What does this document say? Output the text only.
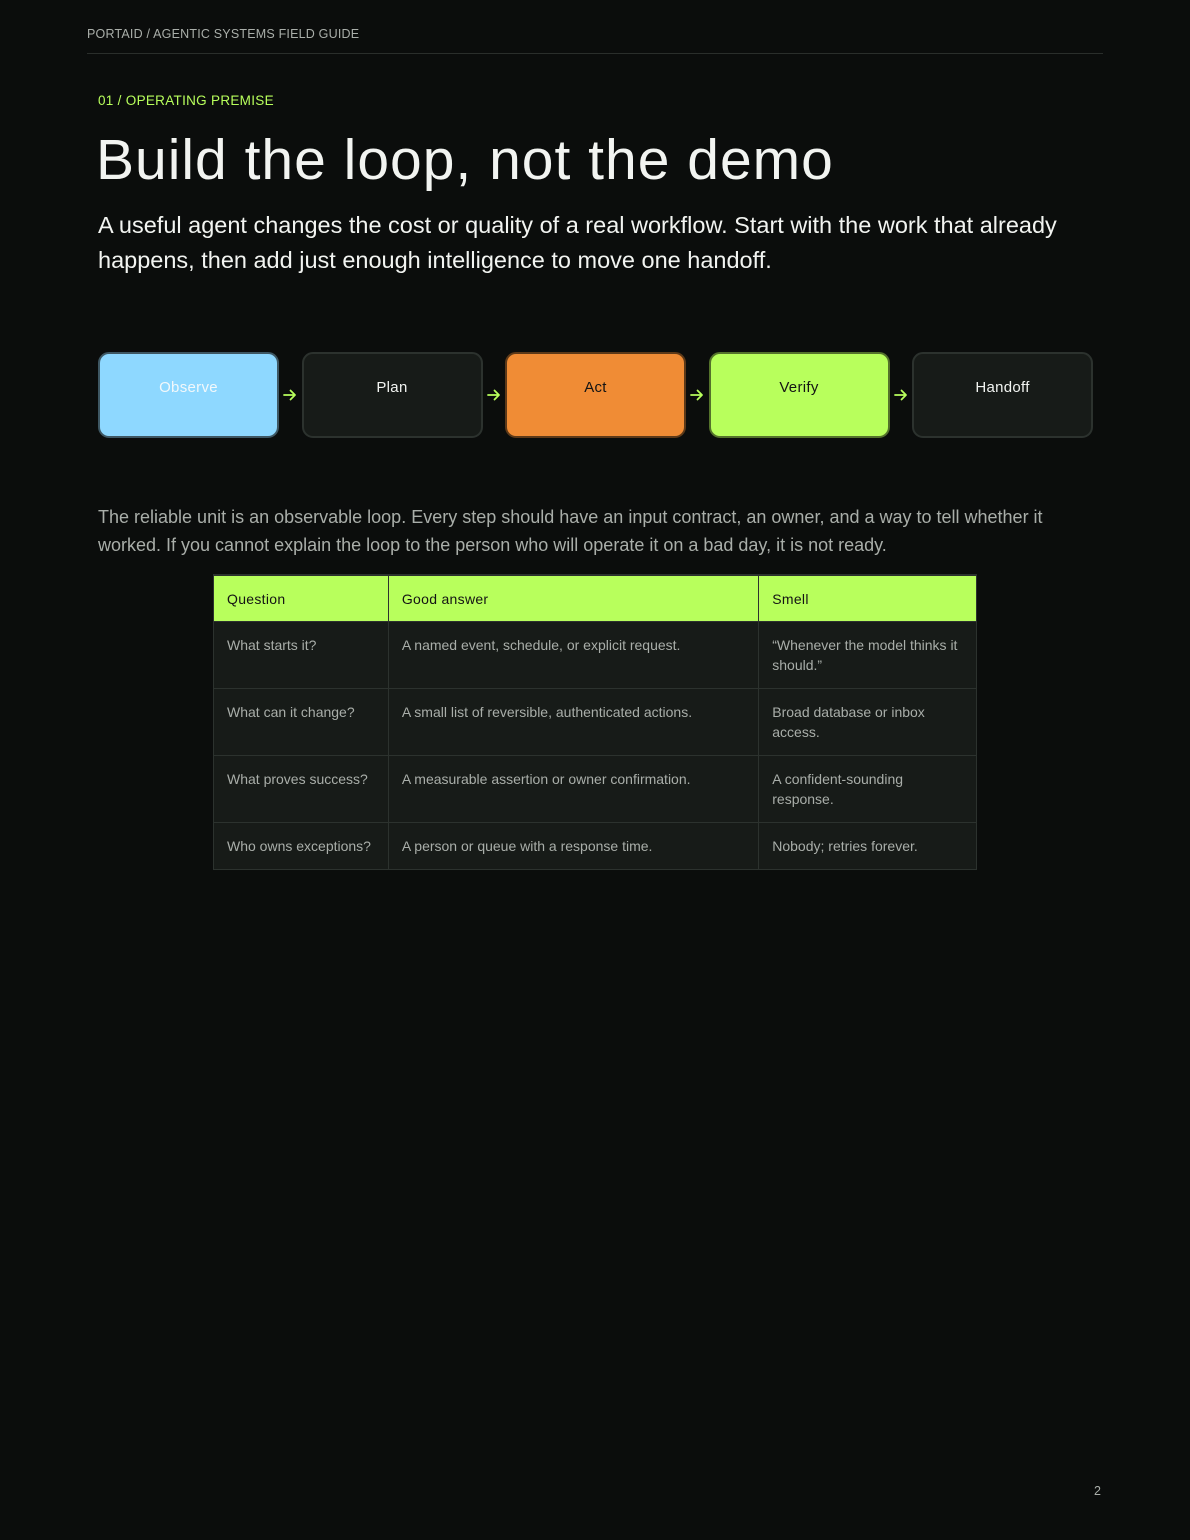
PORTAID / AGENTIC SYSTEMS FIELD GUIDE
01 / OPERATING PREMISE
Build the loop, not the demo

A useful agent changes the cost or quality of a real workflow. Start with the work that already happens, then add just enough intelligence to move one handoff.

Observe	Plan	Act	Verify	Handoff

The reliable unit is an observable loop. Every step should have an input contract, an owner, and a way to tell whether it worked. If you cannot explain the loop to the person who will operate it on a bad day, it is not ready.

Question	Good answer	Smell
What starts it?	A named event, schedule, or explicit request.	“Whenever the model thinks it should.”
What can it change?	A small list of reversible, authenticated actions.	Broad database or inbox access.
What proves success?	A measurable assertion or owner confirmation.	A confident-sounding response.
Who owns exceptions?	A person or queue with a response time.	Nobody; retries forever.
2
